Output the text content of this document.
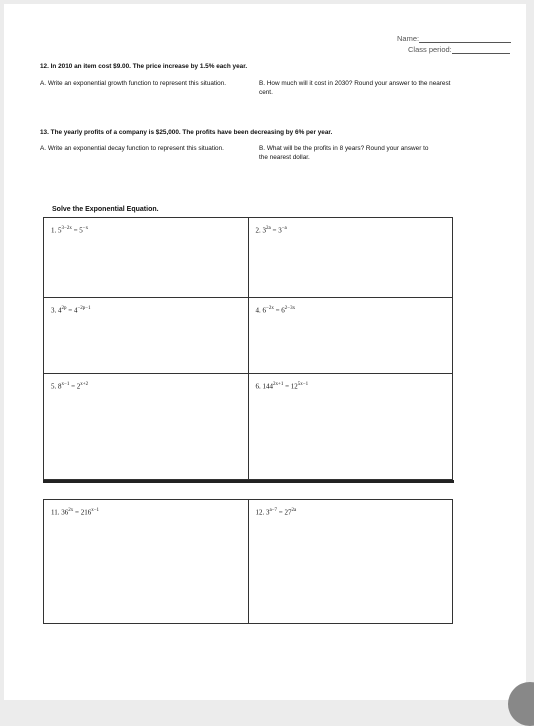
Name:
Class period:
12. In 2010 an item cost $9.00. The price increase by 1.5% each year.
A. Write an exponential growth function to represent this situation.	B. How much will it cost in 2030? Round your answer to the nearest cent.
13. The yearly profits of a company is $25,000. The profits have been decreasing by 6% per year.
A. Write an exponential decay function to represent this situation.	B. What will be the profits in 8 years? Round your answer to the nearest dollar.
Solve the Exponential Equation.
1. $5^{3-2x} = 5^{-x}$	2. $3^{2a} = 3^{-a}$

3. $4^{2p} = 4^{-2p-1}$	4. $6^{-2x} = 6^{2-3x}$

5. $8^{x-1} = 2^{x+2}$	6. $144^{2x+1} = 12^{5x-1}$
11. $36^{2x} = 216^{x-1}$	12. $3^{a-7} = 27^{2a}$
